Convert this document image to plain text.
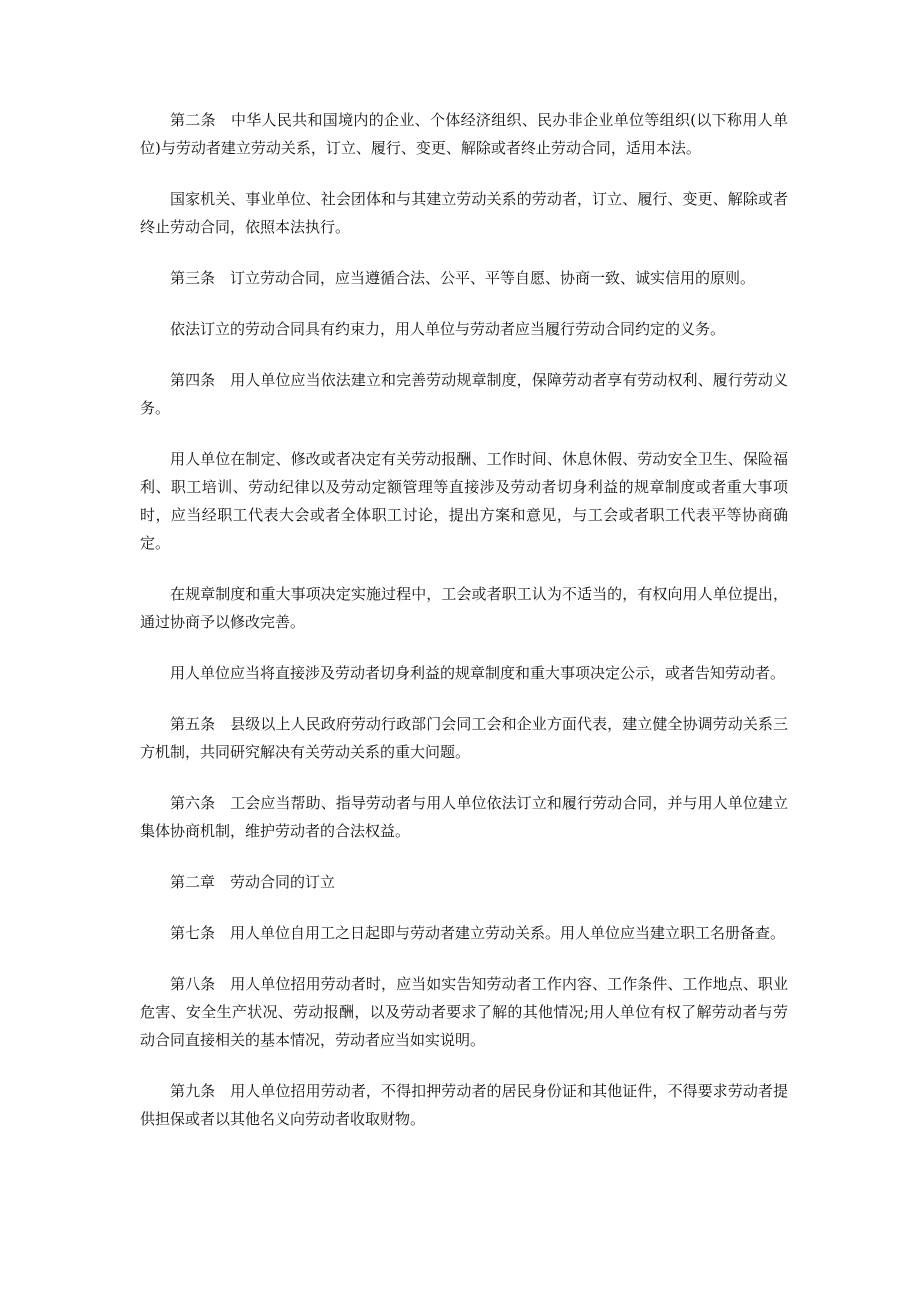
第二条 中华人民共和国境内的企业、个体经济组织、民办非企业单位等组织(以下称用人单位)与劳动者建立劳动关系，订立、履行、变更、解除或者终止劳动合同，适用本法。

国家机关、事业单位、社会团体和与其建立劳动关系的劳动者，订立、履行、变更、解除或者终止劳动合同，依照本法执行。

第三条 订立劳动合同，应当遵循合法、公平、平等自愿、协商一致、诚实信用的原则。

依法订立的劳动合同具有约束力，用人单位与劳动者应当履行劳动合同约定的义务。

第四条 用人单位应当依法建立和完善劳动规章制度，保障劳动者享有劳动权利、履行劳动义务。

用人单位在制定、修改或者决定有关劳动报酬、工作时间、休息休假、劳动安全卫生、保险福利、职工培训、劳动纪律以及劳动定额管理等直接涉及劳动者切身利益的规章制度或者重大事项时，应当经职工代表大会或者全体职工讨论，提出方案和意见，与工会或者职工代表平等协商确定。

在规章制度和重大事项决定实施过程中，工会或者职工认为不适当的，有权向用人单位提出，通过协商予以修改完善。

用人单位应当将直接涉及劳动者切身利益的规章制度和重大事项决定公示，或者告知劳动者。

第五条 县级以上人民政府劳动行政部门会同工会和企业方面代表，建立健全协调劳动关系三方机制，共同研究解决有关劳动关系的重大问题。

第六条 工会应当帮助、指导劳动者与用人单位依法订立和履行劳动合同，并与用人单位建立集体协商机制，维护劳动者的合法权益。

第二章 劳动合同的订立

第七条 用人单位自用工之日起即与劳动者建立劳动关系。用人单位应当建立职工名册备查。

第八条 用人单位招用劳动者时，应当如实告知劳动者工作内容、工作条件、工作地点、职业危害、安全生产状况、劳动报酬，以及劳动者要求了解的其他情况;用人单位有权了解劳动者与劳动合同直接相关的基本情况，劳动者应当如实说明。

第九条 用人单位招用劳动者，不得扣押劳动者的居民身份证和其他证件，不得要求劳动者提供担保或者以其他名义向劳动者收取财物。
